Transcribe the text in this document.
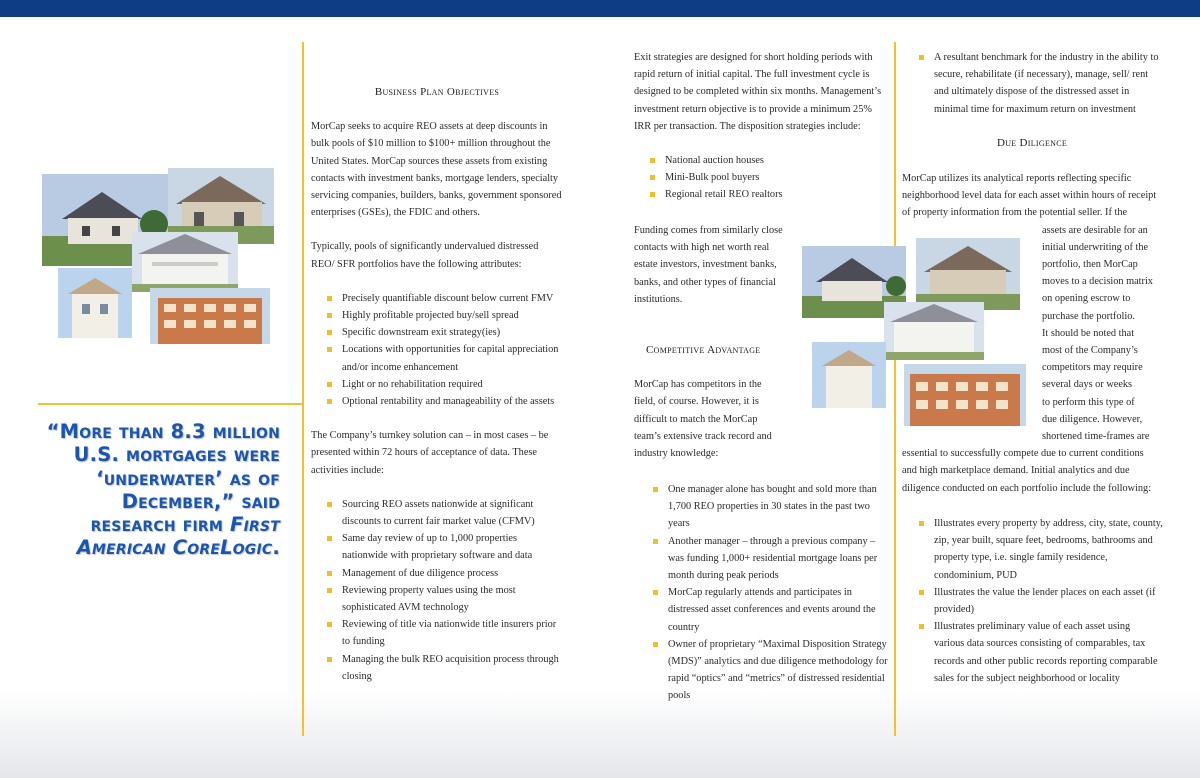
“More than 8.3 million U.S. mortgages were ‘underwater’ as of December,” said research firm First American CoreLogic.

Business Plan Objectives

MorCap seeks to acquire REO assets at deep discounts in bulk pools of $10 million to $100+ million throughout the United States. MorCap sources these assets from existing contacts with investment banks, mortgage lenders, specialty servicing companies, builders, banks, government sponsored enterprises (GSEs), the FDIC and others.

Typically, pools of significantly undervalued distressed REO/ SFR portfolios have the following attributes:

Precisely quantifiable discount below current FMV
Highly profitable projected buy/sell spread
Specific downstream exit strategy(ies)
Locations with opportunities for capital appreciation and/or income enhancement
Light or no rehabilitation required
Optional rentability and manageability of the assets

The Company’s turnkey solution can – in most cases – be presented within 72 hours of acceptance of data. These activities include:

Sourcing REO assets nationwide at significant discounts to current fair market value (CFMV)
Same day review of up to 1,000 properties nationwide with proprietary software and data
Management of due diligence process
Reviewing property values using the most sophisticated AVM technology
Reviewing of title via nationwide title insurers prior to funding
Managing the bulk REO acquisition process through closing

Exit strategies are designed for short holding periods with rapid return of initial capital. The full investment cycle is designed to be completed within six months. Management’s investment return objective is to provide a minimum 25% IRR per transaction. The disposition strategies include:

National auction houses
Mini-Bulk pool buyers
Regional retail REO realtors

Funding comes from similarly close contacts with high net worth real estate investors, investment banks, banks, and other types of financial institutions.

Competitive Advantage

MorCap has competitors in the field, of course. However, it is difficult to match the MorCap team’s extensive track record and industry knowledge:

One manager alone has bought and sold more than 1,700 REO properties in 30 states in the past two years
Another manager – through a previous company – was funding 1,000+ residential mortgage loans per month during peak periods
MorCap regularly attends and participates in distressed asset conferences and events around the country
Owner of proprietary “Maximal Disposition Strategy (MDS)” analytics and due diligence methodology for rapid “optics” and “metrics” of distressed residential pools
A resultant benchmark for the industry in the ability to secure, rehabilitate (if necessary), manage, sell/ rent and ultimately dispose of the distressed asset in minimal time for maximum return on investment

Due Diligence

MorCap utilizes its analytical reports reflecting specific

neighborhood level data for each asset within hours of receipt

of property information from the potential seller. If the

assets are desirable for an

initial underwriting of the

portfolio, then MorCap

moves to a decision matrix

on opening escrow to

purchase the portfolio.

It should be noted that

most of the Company’s

competitors may require

several days or weeks

to perform this type of

due diligence. However,

shortened time-frames are

essential to successfully compete due to current conditions

and high marketplace demand. Initial analytics and due

diligence conducted on each portfolio include the following:

Illustrates every property by address, city, state, county, zip, year built, square feet, bedrooms, bathrooms and property type, i.e. single family residence, condominium, PUD
Illustrates the value the lender places on each asset (if provided)
Illustrates preliminary value of each asset using various data sources consisting of comparables, tax records and other public records reporting comparable sales for the subject neighborhood or locality
